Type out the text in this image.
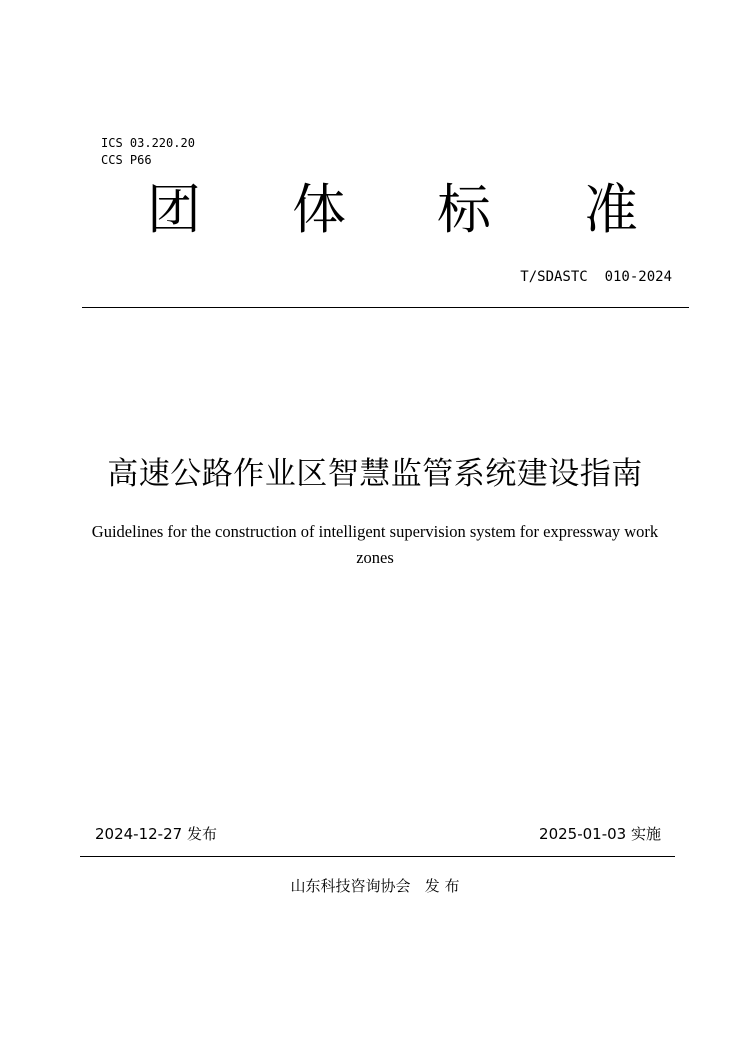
ICS 03.220.20
CCS P66
团 体 标 准
T/SDASTC  010-2024
高速公路作业区智慧监管系统建设指南
Guidelines for the construction of intelligent supervision system for expressway work zones
2024-12-27 发布	2025-01-03 实施
山东科技咨询协会   发 布
